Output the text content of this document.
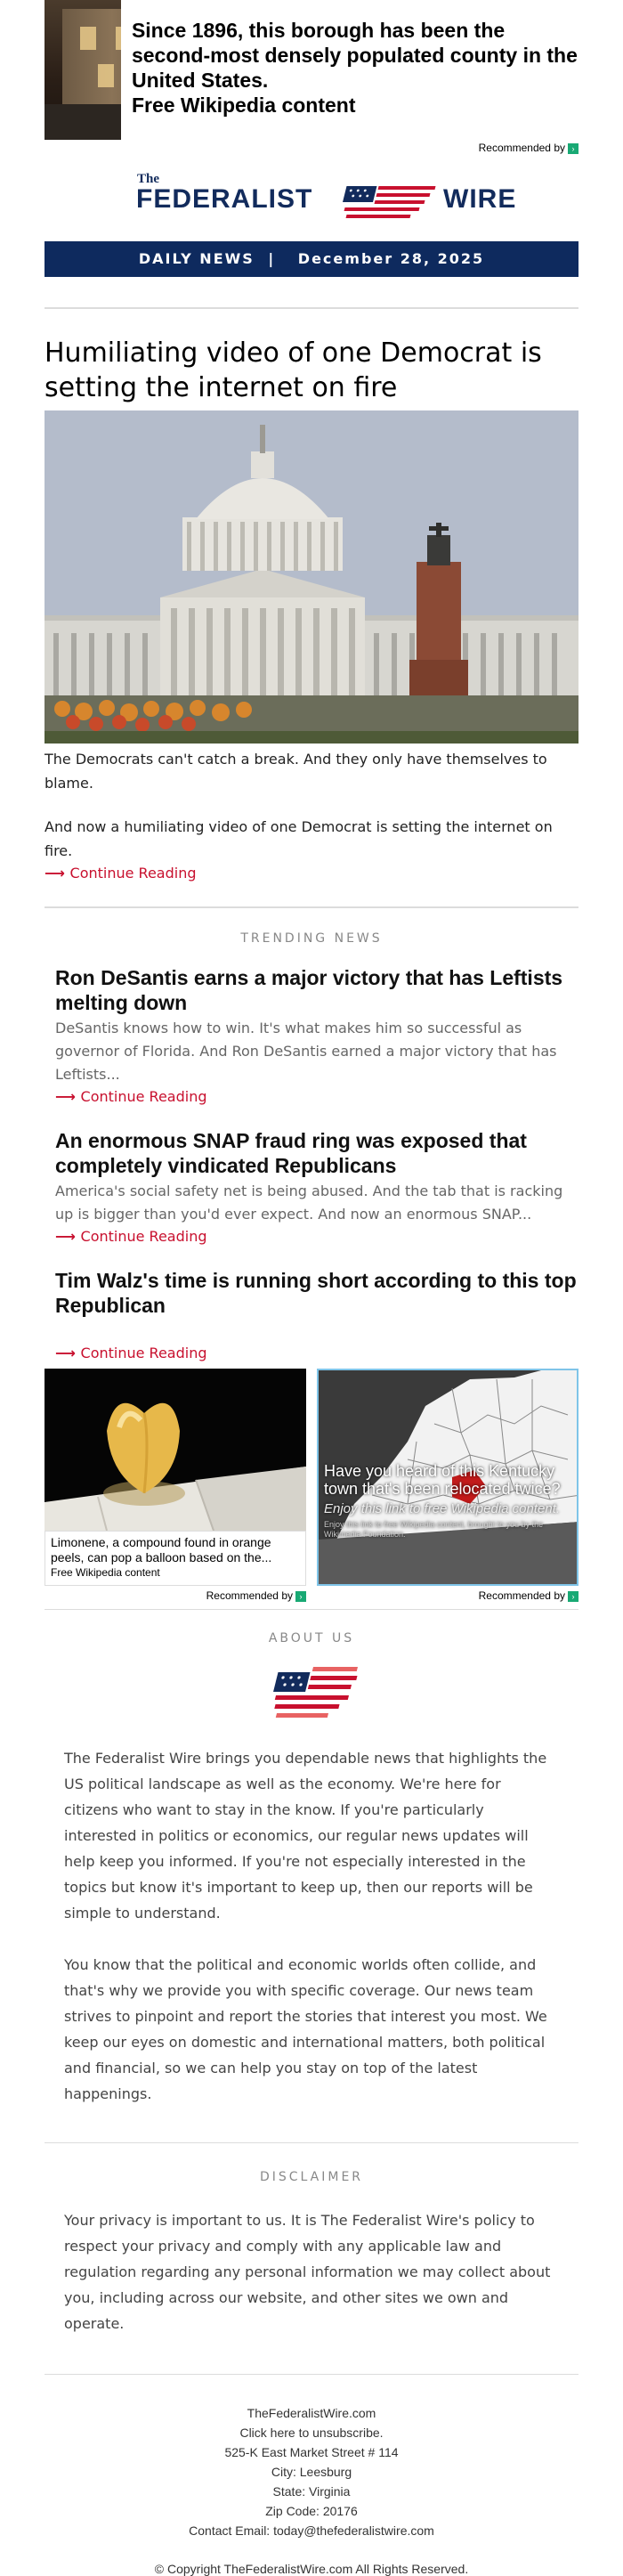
Since 1896, this borough has been the second-most densely populated county in the United States.
Free Wikipedia content
Recommended by ›
The
FEDERALIST	WIRE
DAILY NEWS | December 28, 2025
Humiliating video of one Democrat is setting the internet on fire

The Democrats can't catch a break. And they only have themselves to blame.

And now a humiliating video of one Democrat is setting the internet on fire.

⟶ Continue Reading
TRENDING NEWS
Ron DeSantis earns a major victory that has Leftists melting down

DeSantis knows how to win. It's what makes him so successful as governor of Florida. And Ron DeSantis earned a major victory that has Leftists...

⟶ Continue Reading
An enormous SNAP fraud ring was exposed that completely vindicated Republicans

America's social safety net is being abused. And the tab that is racking up is bigger than you'd ever expect. And now an enormous SNAP...

⟶ Continue Reading
Tim Walz's time is running short according to this top Republican

⟶ Continue Reading
Limonene, a compound found in orange peels, can pop a balloon based on the...
Free Wikipedia content
Have you heard of this Kentucky town that's been relocated twice?
Enjoy this link to free Wikipedia content.
Enjoy this link to free Wikipedia content, brought to you by the Wikimedia Foundation.
Recommended by ›	Recommended by ›
ABOUT US

The Federalist Wire brings you dependable news that highlights the US political landscape as well as the economy. We're here for citizens who want to stay in the know. If you're particularly interested in politics or economics, our regular news updates will help keep you informed. If you're not especially interested in the topics but know it's important to keep up, then our reports will be simple to understand.

You know that the political and economic worlds often collide, and that's why we provide you with specific coverage. Our news team strives to pinpoint and report the stories that interest you most. We keep our eyes on domestic and international matters, both political and financial, so we can help you stay on top of the latest happenings.

DISCLAIMER

Your privacy is important to us. It is The Federalist Wire's policy to respect your privacy and comply with any applicable law and regulation regarding any personal information we may collect about you, including across our website, and other sites we own and operate.

TheFederalistWire.com
Click here to unsubscribe.
525-K East Market Street # 114
City: Leesburg
State: Virginia
Zip Code: 20176
Contact Email: today@thefederalistwire.com
© Copyright TheFederalistWire.com All Rights Reserved.
